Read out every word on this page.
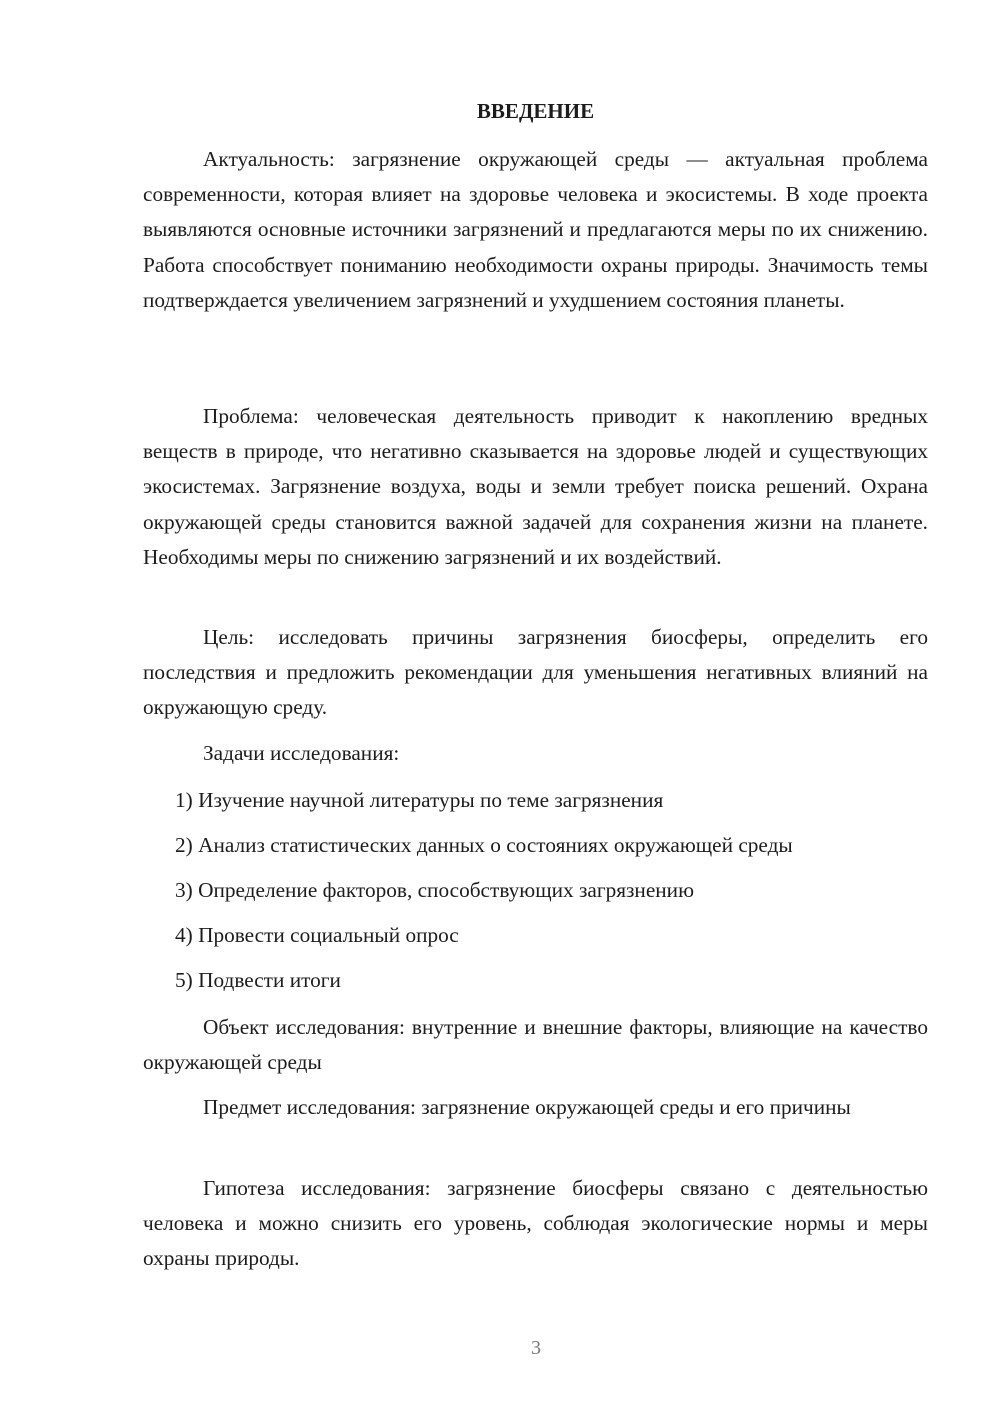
ВВЕДЕНИЕ

Актуальность: загрязнение окружающей среды — актуальная проблема современности, которая влияет на здоровье человека и экосистемы. В ходе проекта выявляются основные источники загрязнений и предлагаются меры по их снижению. Работа способствует пониманию необходимости охраны природы. Значимость темы подтверждается увеличением загрязнений и ухудшением состояния планеты.

Проблема: человеческая деятельность приводит к накоплению вредных веществ в природе, что негативно сказывается на здоровье людей и существующих экосистемах. Загрязнение воздуха, воды и земли требует поиска решений. Охрана окружающей среды становится важной задачей для сохранения жизни на планете. Необходимы меры по снижению загрязнений и их воздействий.

Цель: исследовать причины загрязнения биосферы, определить его последствия и предложить рекомендации для уменьшения негативных влияний на окружающую среду.

Задачи исследования:

1) Изучение научной литературы по теме загрязнения

2) Анализ статистических данных о состояниях окружающей среды

3) Определение факторов, способствующих загрязнению

4) Провести социальный опрос

5) Подвести итоги

Объект исследования: внутренние и внешние факторы, влияющие на качество окружающей среды

Предмет исследования: загрязнение окружающей среды и его причины

Гипотеза исследования: загрязнение биосферы связано с деятельностью человека и можно снизить его уровень, соблюдая экологические нормы и меры охраны природы.

3
